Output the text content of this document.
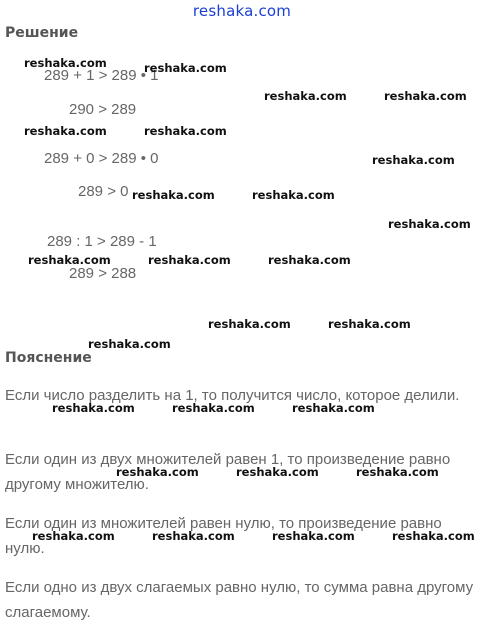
reshaka.com
Решение
289 + 1 > 289 • 1
290 > 289
289 + 0 > 289 • 0
289 > 0
289 : 1 > 289 - 1
289 > 288
Пояснение
Если число разделить на 1, то получится число, которое делили.
Если один из двух множителей равен 1, то произведение равно другому множителю.
Если один из множителей равен нулю, то произведение равно нулю.
Если одно из двух слагаемых равно нулю, то сумма равна другому слагаемому.
reshaka.com	reshaka.com
reshaka.com	reshaka.com
reshaka.com	reshaka.com
reshaka.com
reshaka.com	reshaka.com
reshaka.com
reshaka.com	reshaka.com	reshaka.com
reshaka.com	reshaka.com
reshaka.com
reshaka.com	reshaka.com	reshaka.com
reshaka.com	reshaka.com	reshaka.com
reshaka.com	reshaka.com	reshaka.com	reshaka.com
